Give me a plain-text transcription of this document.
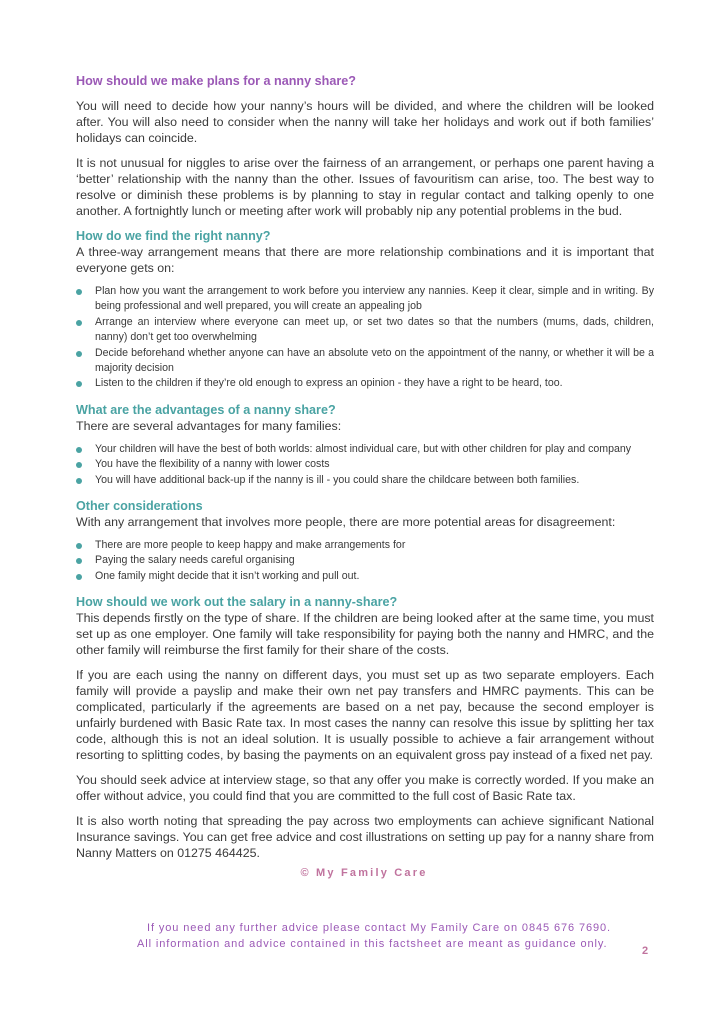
How should we make plans for a nanny share?

You will need to decide how your nanny’s hours will be divided, and where the children will be looked after. You will also need to consider when the nanny will take her holidays and work out if both families’ holidays can coincide.

It is not unusual for niggles to arise over the fairness of an arrangement, or perhaps one parent having a ‘better’ relationship with the nanny than the other. Issues of favouritism can arise, too. The best way to resolve or diminish these problems is by planning to stay in regular contact and talking openly to one another. A fortnightly lunch or meeting after work will probably nip any potential problems in the bud.

How do we find the right nanny?

A three-way arrangement means that there are more relationship combinations and it is important that everyone gets on:

Plan how you want the arrangement to work before you interview any nannies. Keep it clear, simple and in writing. By being professional and well prepared, you will create an appealing job
Arrange an interview where everyone can meet up, or set two dates so that the numbers (mums, dads, children, nanny) don’t get too overwhelming
Decide beforehand whether anyone can have an absolute veto on the appointment of the nanny, or whether it will be a majority decision
Listen to the children if they’re old enough to express an opinion - they have a right to be heard, too.
What are the advantages of a nanny share?

There are several advantages for many families:

Your children will have the best of both worlds: almost individual care, but with other children for play and company
You have the flexibility of a nanny with lower costs
You will have additional back-up if the nanny is ill - you could share the childcare between both families.
Other considerations

With any arrangement that involves more people, there are more potential areas for disagreement:

There are more people to keep happy and make arrangements for
Paying the salary needs careful organising
One family might decide that it isn’t working and pull out.
How should we work out the salary in a nanny-share?

This depends firstly on the type of share. If the children are being looked after at the same time, you must set up as one employer. One family will take responsibility for paying both the nanny and HMRC, and the other family will reimburse the first family for their share of the costs.

If you are each using the nanny on different days, you must set up as two separate employers. Each family will provide a payslip and make their own net pay transfers and HMRC payments. This can be complicated, particularly if the agreements are based on a net pay, because the second employer is unfairly burdened with Basic Rate tax. In most cases the nanny can resolve this issue by splitting her tax code, although this is not an ideal solution. It is usually possible to achieve a fair arrangement without resorting to splitting codes, by basing the payments on an equivalent gross pay instead of a fixed net pay.

You should seek advice at interview stage, so that any offer you make is correctly worded. If you make an offer without advice, you could find that you are committed to the full cost of Basic Rate tax.

It is also worth noting that spreading the pay across two employments can achieve significant National Insurance savings. You can get free advice and cost illustrations on setting up pay for a nanny share from Nanny Matters on 01275 464425.

© My Family Care
If you need any further advice please contact My Family Care on 0845 676 7690.
All information and advice contained in this factsheet are meant as guidance only.
2
